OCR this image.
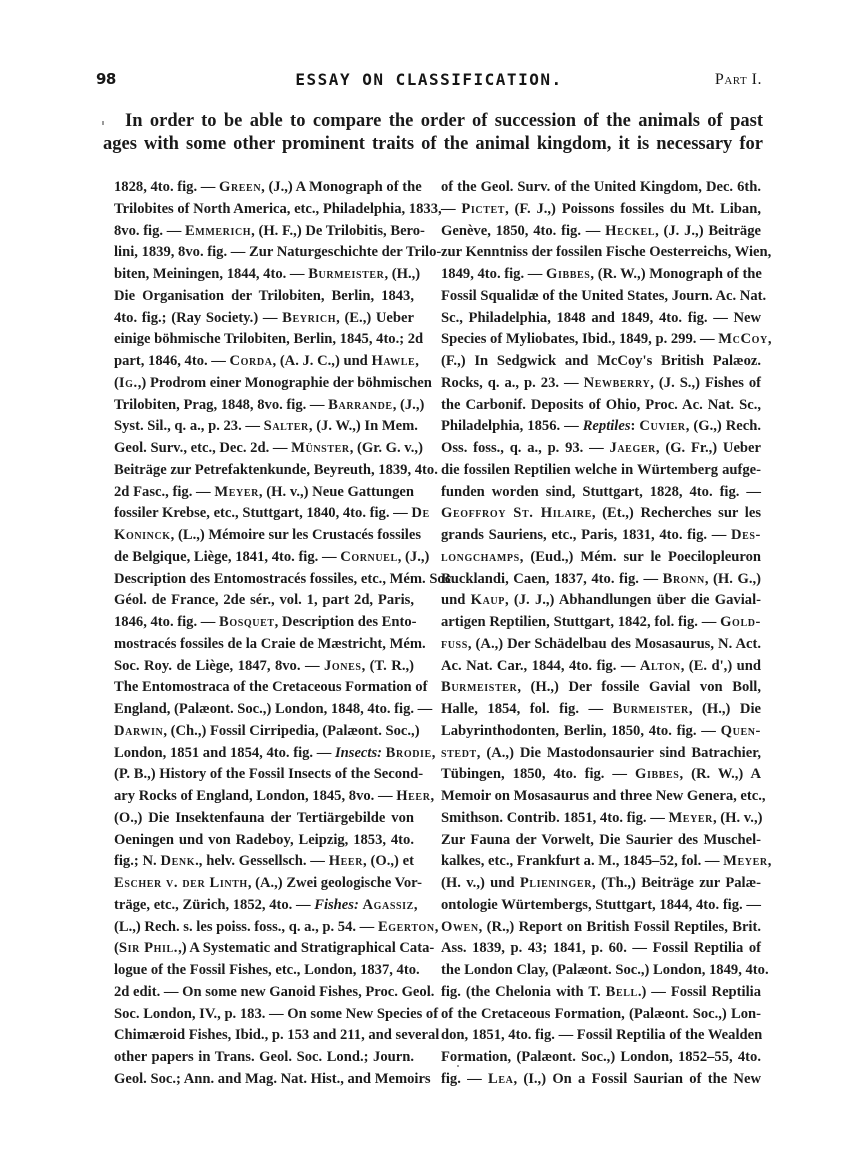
98	ESSAY ON CLASSIFICATION.	Part I.
In order to be able to compare the order of succession of the animals of past
ages with some other prominent traits of the animal kingdom, it is necessary for
1828, 4to. fig. — Green, (J.,) A Monograph of the
Trilobites of North America, etc., Philadelphia, 1833,
8vo. fig. — Emmerich, (H. F.,) De Trilobitis, Bero-
lini, 1839, 8vo. fig. — Zur Naturgeschichte der Trilo-
biten, Meiningen, 1844, 4to. — Burmeister, (H.,)
Die Organisation der Trilobiten, Berlin, 1843,
4to. fig.; (Ray Society.) — Beyrich, (E.,) Ueber
einige böhmische Trilobiten, Berlin, 1845, 4to.; 2d
part, 1846, 4to. — Corda, (A. J. C.,) und Hawle,
(Ig.,) Prodrom einer Monographie der böhmischen
Trilobiten, Prag, 1848, 8vo. fig. — Barrande, (J.,)
Syst. Sil., q. a., p. 23. — Salter, (J. W.,) In Mem.
Geol. Surv., etc., Dec. 2d. — Münster, (Gr. G. v.,)
Beiträge zur Petrefaktenkunde, Beyreuth, 1839, 4to.
2d Fasc., fig. — Meyer, (H. v.,) Neue Gattungen
fossiler Krebse, etc., Stuttgart, 1840, 4to. fig. — De
Koninck, (L.,) Mémoire sur les Crustacés fossiles
de Belgique, Liège, 1841, 4to. fig. — Cornuel, (J.,)
Description des Entomostracés fossiles, etc., Mém. Soc.
Géol. de France, 2de sér., vol. 1, part 2d, Paris,
1846, 4to. fig. — Bosquet, Description des Ento-
mostracés fossiles de la Craie de Mæstricht, Mém.
Soc. Roy. de Liège, 1847, 8vo. — Jones, (T. R.,)
The Entomostraca of the Cretaceous Formation of
England, (Palæont. Soc.,) London, 1848, 4to. fig. —
Darwin, (Ch.,) Fossil Cirripedia, (Palæont. Soc.,)
London, 1851 and 1854, 4to. fig. — Insects: Brodie,
(P. B.,) History of the Fossil Insects of the Second-
ary Rocks of England, London, 1845, 8vo. — Heer,
(O.,) Die Insektenfauna der Tertiärgebilde von
Oeningen und von Radeboy, Leipzig, 1853, 4to.
fig.; N. Denk., helv. Gessellsch. — Heer, (O.,) et
Escher v. der Linth, (A.,) Zwei geologische Vor-
träge, etc., Zürich, 1852, 4to. — Fishes: Agassiz,
(L.,) Rech. s. les poiss. foss., q. a., p. 54. — Egerton,
(Sir Phil.,) A Systematic and Stratigraphical Cata-
logue of the Fossil Fishes, etc., London, 1837, 4to.
2d edit. — On some new Ganoid Fishes, Proc. Geol.
Soc. London, IV., p. 183. — On some New Species of
Chimæroid Fishes, Ibid., p. 153 and 211, and several
other papers in Trans. Geol. Soc. Lond.; Journ.
Geol. Soc.; Ann. and Mag. Nat. Hist., and Memoirs
of the Geol. Surv. of the United Kingdom, Dec. 6th.
— Pictet, (F. J.,) Poissons fossiles du Mt. Liban,
Genève, 1850, 4to. fig. — Heckel, (J. J.,) Beiträge
zur Kenntniss der fossilen Fische Oesterreichs, Wien,
1849, 4to. fig. — Gibbes, (R. W.,) Monograph of the
Fossil Squalidæ of the United States, Journ. Ac. Nat.
Sc., Philadelphia, 1848 and 1849, 4to. fig. — New
Species of Myliobates, Ibid., 1849, p. 299. — McCoy,
(F.,) In Sedgwick and McCoy's British Palæoz.
Rocks, q. a., p. 23. — Newberry, (J. S.,) Fishes of
the Carbonif. Deposits of Ohio, Proc. Ac. Nat. Sc.,
Philadelphia, 1856. — Reptiles: Cuvier, (G.,) Rech.
Oss. foss., q. a., p. 93. — Jaeger, (G. Fr.,) Ueber
die fossilen Reptilien welche in Würtemberg aufge-
funden worden sind, Stuttgart, 1828, 4to. fig. —
Geoffroy St. Hilaire, (Et.,) Recherches sur les
grands Sauriens, etc., Paris, 1831, 4to. fig. — Des-
longchamps, (Eud.,) Mém. sur le Poecilopleuron
Bucklandi, Caen, 1837, 4to. fig. — Bronn, (H. G.,)
und Kaup, (J. J.,) Abhandlungen über die Gavial-
artigen Reptilien, Stuttgart, 1842, fol. fig. — Gold-
fuss, (A.,) Der Schädelbau des Mosasaurus, N. Act.
Ac. Nat. Car., 1844, 4to. fig. — Alton, (E. d',) und
Burmeister, (H.,) Der fossile Gavial von Boll,
Halle, 1854, fol. fig. — Burmeister, (H.,) Die
Labyrinthodonten, Berlin, 1850, 4to. fig. — Quen-
stedt, (A.,) Die Mastodonsaurier sind Batrachier,
Tübingen, 1850, 4to. fig. — Gibbes, (R. W.,) A
Memoir on Mosasaurus and three New Genera, etc.,
Smithson. Contrib. 1851, 4to. fig. — Meyer, (H. v.,)
Zur Fauna der Vorwelt, Die Saurier des Muschel-
kalkes, etc., Frankfurt a. M., 1845–52, fol. — Meyer,
(H. v.,) und Plieninger, (Th.,) Beiträge zur Palæ-
ontologie Würtembergs, Stuttgart, 1844, 4to. fig. —
Owen, (R.,) Report on British Fossil Reptiles, Brit.
Ass. 1839, p. 43; 1841, p. 60. — Fossil Reptilia of
the London Clay, (Palæont. Soc.,) London, 1849, 4to.
fig. (the Chelonia with T. Bell.) — Fossil Reptilia
of the Cretaceous Formation, (Palæont. Soc.,) Lon-
don, 1851, 4to. fig. — Fossil Reptilia of the Wealden
Formation, (Palæont. Soc.,) London, 1852–55, 4to.
fig. — Lea, (I.,) On a Fossil Saurian of the New
